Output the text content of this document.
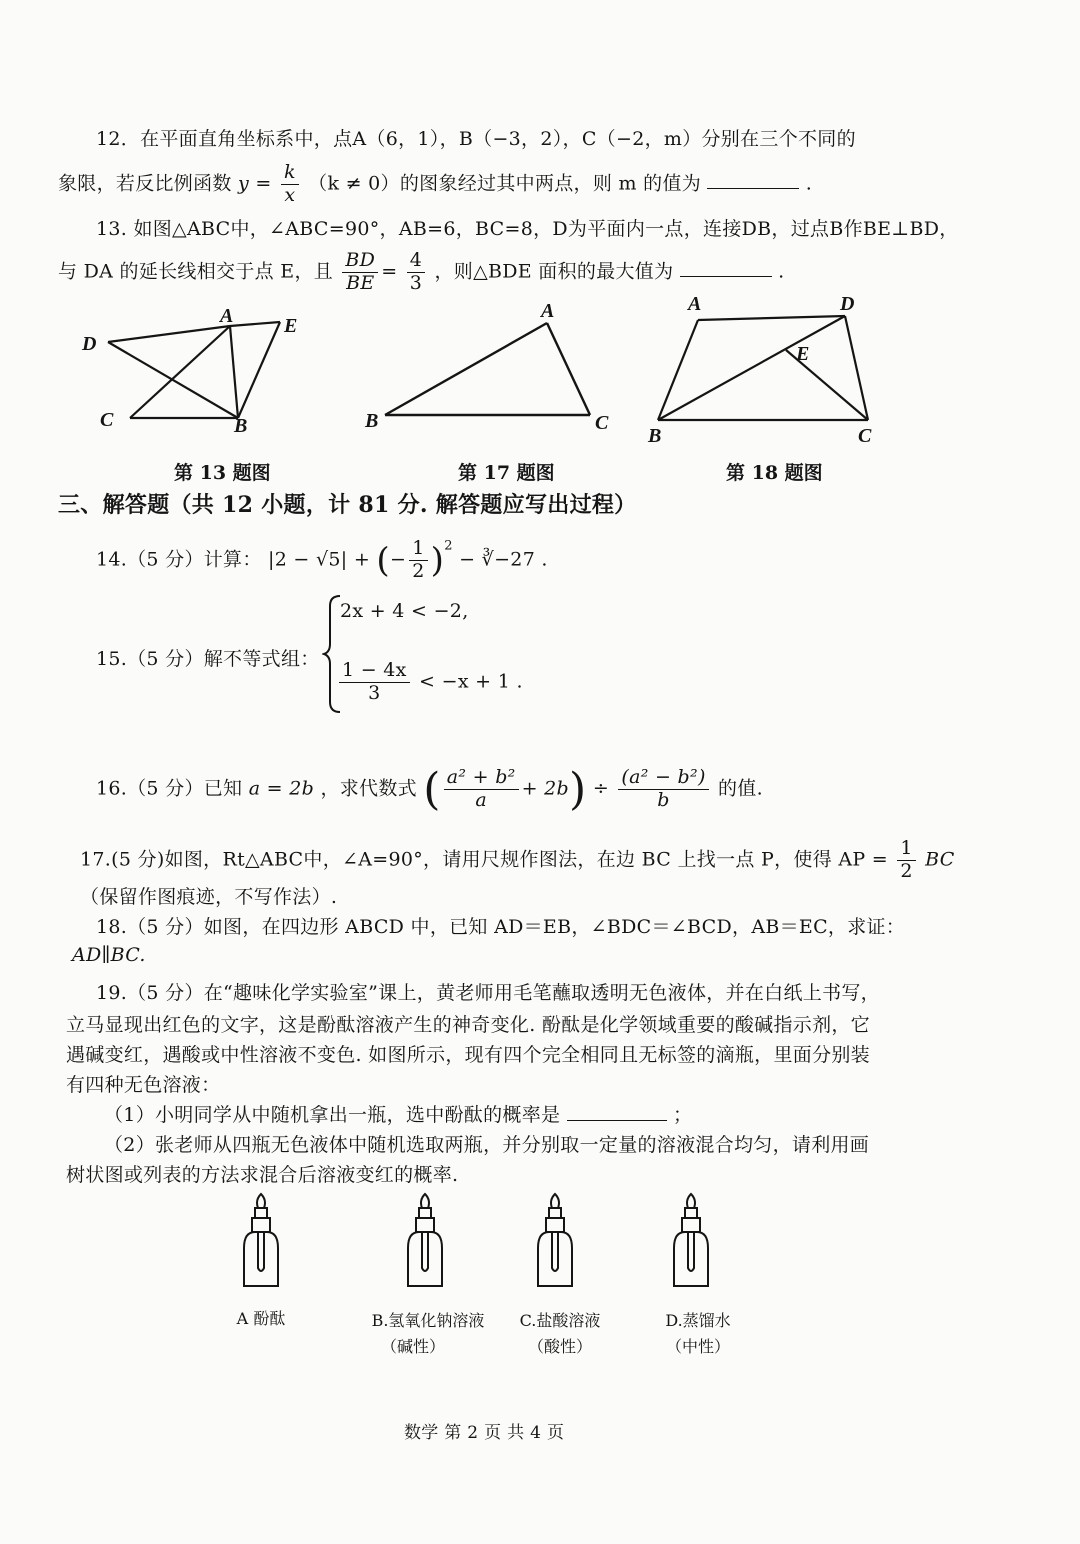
12．在平面直角坐标系中，点A（6，1），B（−3，2），C（−2，m）分别在三个不同的
象限，若反比例函数 $y = \frac{k}{x} (k \ne 0)$的图象经过其中两点，则 m 的值为	.
13. 如图△ABC中，∠ABC=90°，AB=6，BC=8，D为平面内一点，连接DB，过点B作BE⊥BD，
与 DA 的延长线相交于点 E，且 $\frac{BD}{BE} = \frac{4}{3}$ ，则△BDE 面积的最大值为	.
A
D
E
C	B
A
B	C
A	D
E
B	C
第 13 题图	第 17 题图	第 18 题图
三、解答题（共 12 小题，计 81 分. 解答题应写出过程）
14.（5 分）计算： |2 − √5| + (− $\frac{1}{2} )^2$ − ∛−27 .
15.（5 分）解不等式组：
2x + 4 < −2,
$\frac{1 - 4x}{3} < -x + 1$ .
16.（5 分）已知 a = 2b ，求代数式 ( $\frac{\text{a² + b²}}{a} + 2b) \div \frac{\text{(a² − b²)}}{b}$ 的值.
17.(5 分)如图，Rt△ABC中，∠A=90°，请用尺规作图法，在边 BC 上找一点 P，使得 AP = $\frac{1}{2}$ BC
（保留作图痕迹，不写作法）.
18.（5 分）如图，在四边形 ABCD 中，已知 AD＝EB，∠BDC＝∠BCD，AB＝EC，求证：
AD∥BC.
19.（5 分）在“趣味化学实验室”课上，黄老师用毛笔蘸取透明无色液体，并在白纸上书写，
立马显现出红色的文字，这是酚酞溶液产生的神奇变化. 酚酞是化学领域重要的酸碱指示剂，它
遇碱变红，遇酸或中性溶液不变色. 如图所示，现有四个完全相同且无标签的滴瓶，里面分别装
有四种无色溶液：
（1）小明同学从中随机拿出一瓶，选中酚酞的概率是	；
（2）张老师从四瓶无色液体中随机选取两瓶，并分别取一定量的溶液混合均匀，请利用画
树状图或列表的方法求混合后溶液变红的概率.
A 酚酞	B.氢氧化钠溶液
（碱性）
C.盐酸溶液
（酸性）
D.蒸馏水
（中性）
数学 第 2 页 共 4 页
